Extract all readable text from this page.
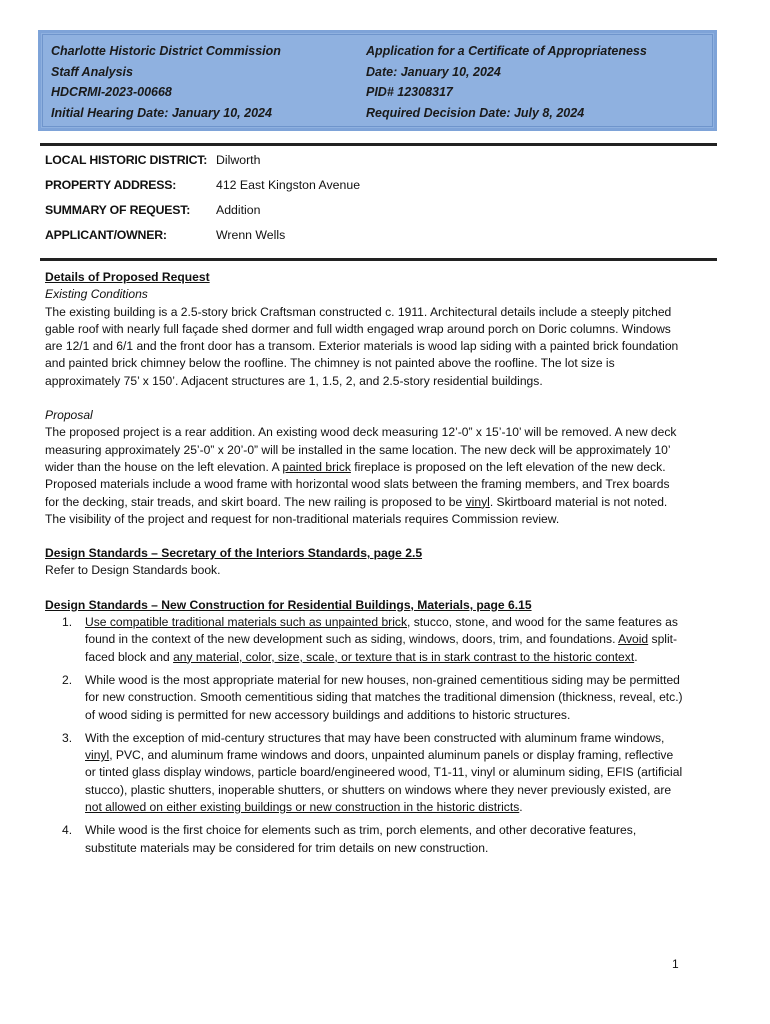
Charlotte Historic District Commission
Staff Analysis
HDCRMI-2023-00668
Initial Hearing Date: January 10, 2024
Application for a Certificate of Appropriateness
Date: January 10, 2024
PID# 12308317
Required Decision Date: July 8, 2024
LOCAL HISTORIC DISTRICT: Dilworth
PROPERTY ADDRESS:	412 East Kingston Avenue
SUMMARY OF REQUEST: Addition
APPLICANT/OWNER:	Wrenn Wells

Details of Proposed Request

Existing Conditions

The existing building is a 2.5-story brick Craftsman constructed c. 1911. Architectural details include a steeply pitched gable roof with nearly full façade shed dormer and full width engaged wrap around porch on Doric columns. Windows are 12/1 and 6/1 and the front door has a transom. Exterior materials is wood lap siding with a painted brick foundation and painted brick chimney below the roofline. The chimney is not painted above the roofline. The lot size is approximately 75’ x 150’. Adjacent structures are 1, 1.5, 2, and 2.5-story residential buildings.

Proposal

The proposed project is a rear addition. An existing wood deck measuring 12’-0” x 15’-10’ will be removed. A new deck measuring approximately 25’-0” x 20’-0” will be installed in the same location. The new deck will be approximately 10’ wider than the house on the left elevation. A painted brick fireplace is proposed on the left elevation of the new deck. Proposed materials include a wood frame with horizontal wood slats between the framing members, and Trex boards for the decking, stair treads, and skirt board. The new railing is proposed to be vinyl. Skirtboard material is not noted. The visibility of the project and request for non-traditional materials requires Commission review.

Design Standards – Secretary of the Interiors Standards, page 2.5

Refer to Design Standards book.

Design Standards – New Construction for Residential Buildings, Materials, page 6.15

1. Use compatible traditional materials such as unpainted brick, stucco, stone, and wood for the same features as found in the context of the new development such as siding, windows, doors, trim, and foundations. Avoid split-faced block and any material, color, size, scale, or texture that is in stark contrast to the historic context.
2. While wood is the most appropriate material for new houses, non-grained cementitious siding may be permitted for new construction. Smooth cementitious siding that matches the traditional dimension (thickness, reveal, etc.) of wood siding is permitted for new accessory buildings and additions to historic structures.
3. With the exception of mid-century structures that may have been constructed with aluminum frame windows, vinyl, PVC, and aluminum frame windows and doors, unpainted aluminum panels or display framing, reflective or tinted glass display windows, particle board/engineered wood, T1-11, vinyl or aluminum siding, EFIS (artificial stucco), plastic shutters, inoperable shutters, or shutters on windows where they never previously existed, are not allowed on either existing buildings or new construction in the historic districts.
4. While wood is the first choice for elements such as trim, porch elements, and other decorative features, substitute materials may be considered for trim details on new construction.
1
